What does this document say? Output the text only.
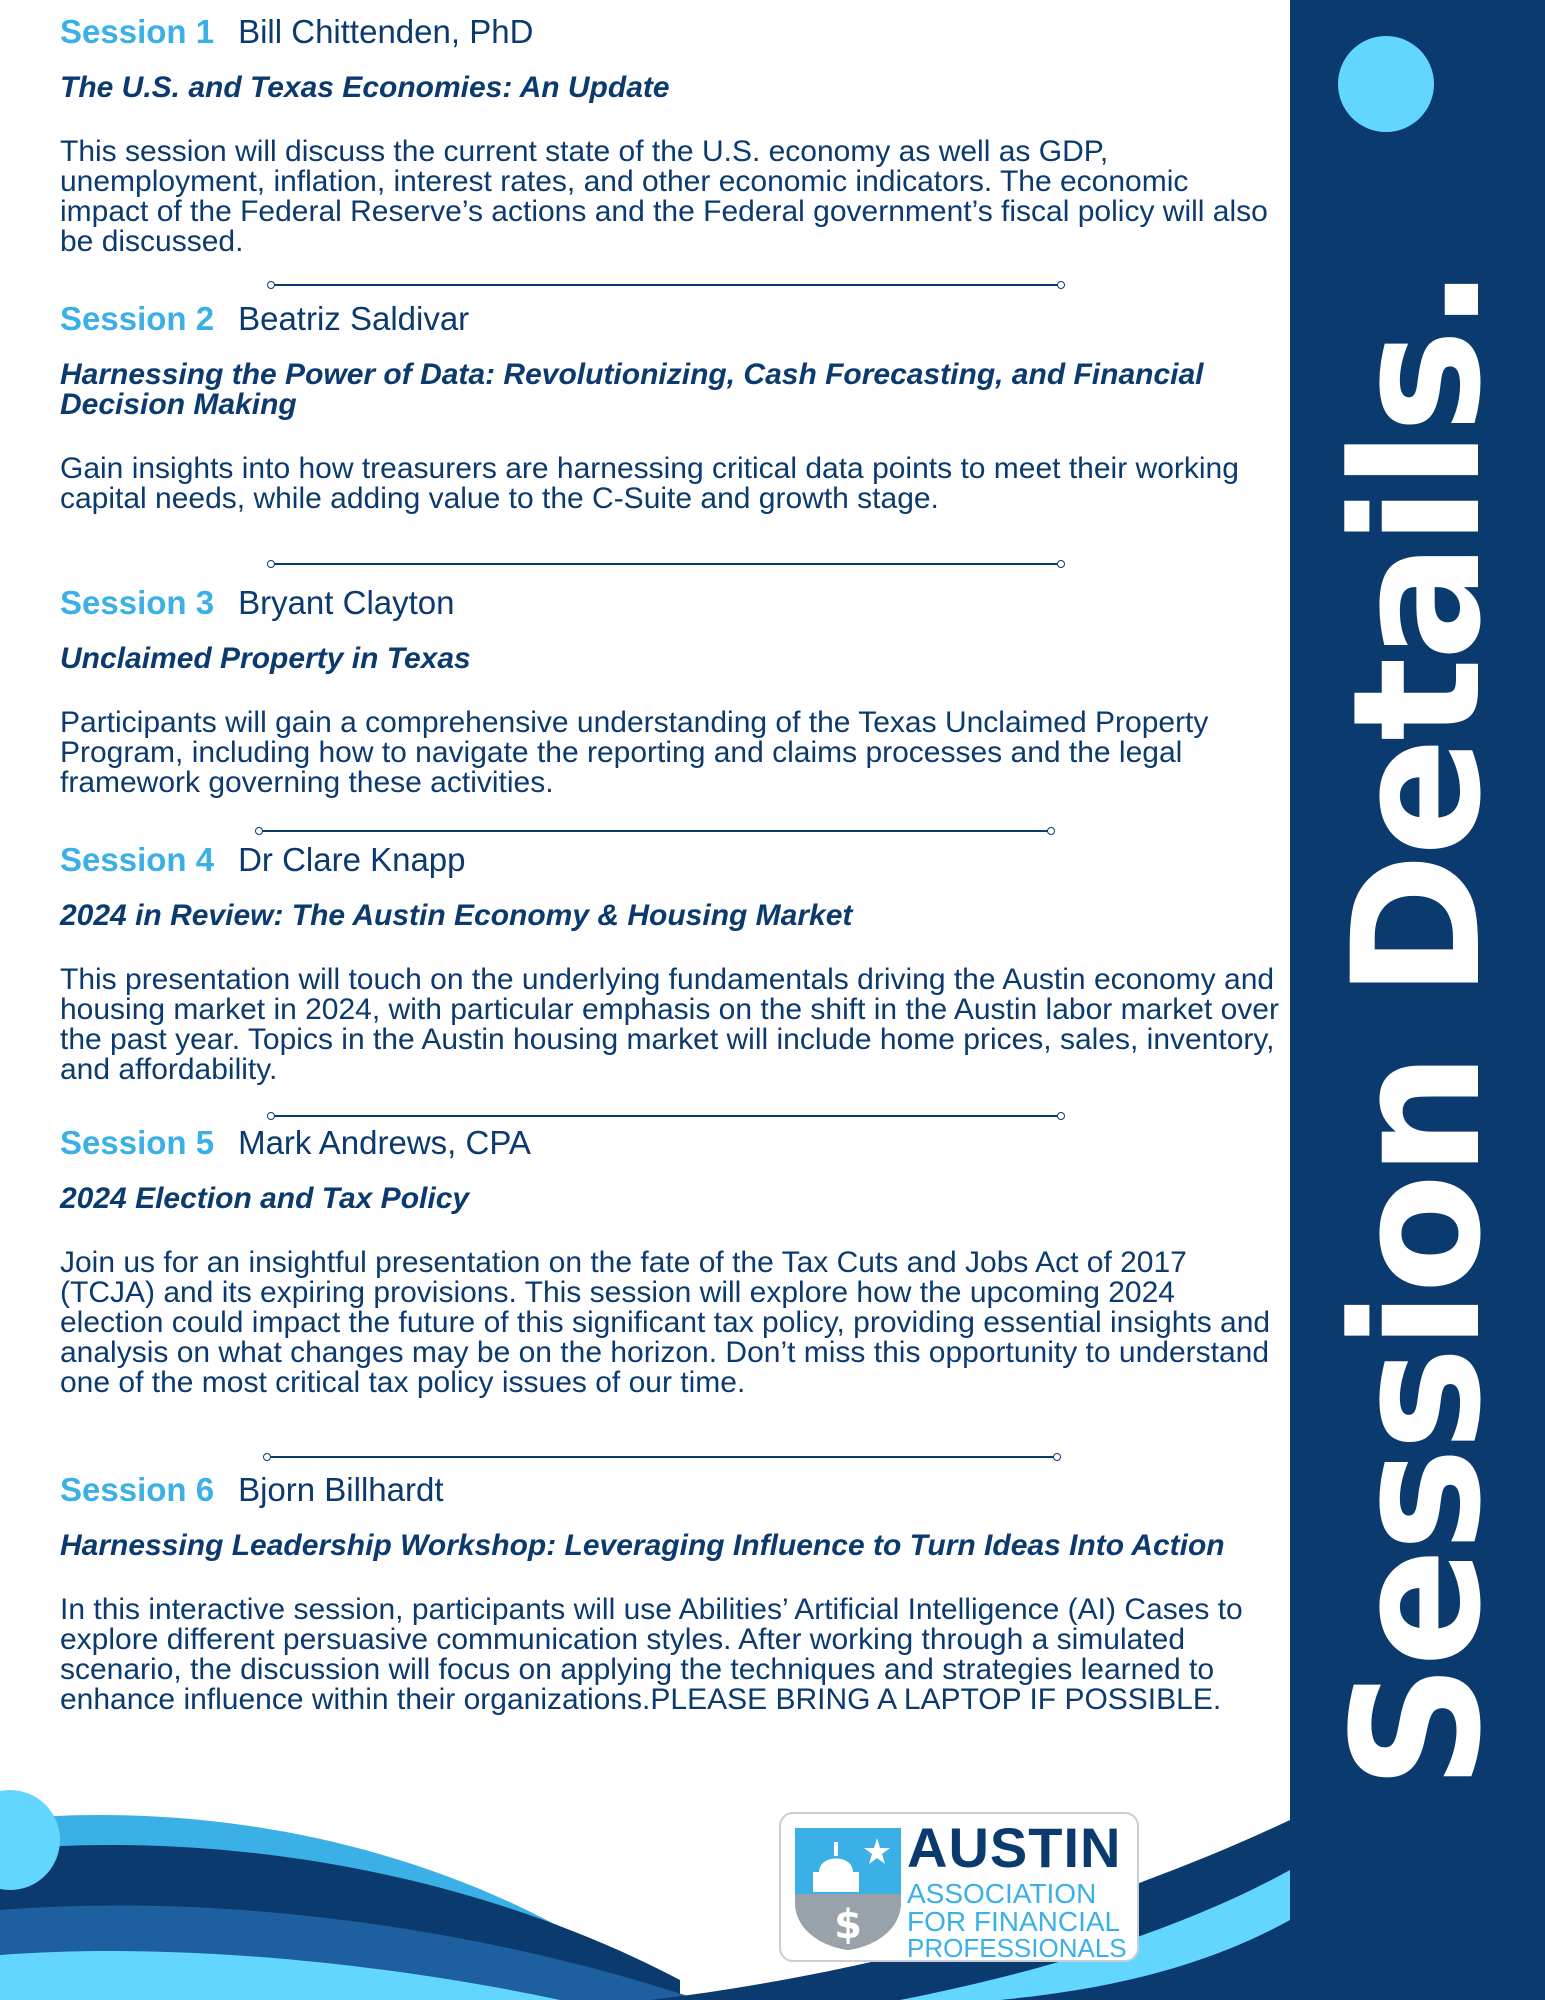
Session Details.
Session 1 Bill Chittenden, PhD
The U.S. and Texas Economies: An Update
This session will discuss the current state of the U.S. economy as well as GDP, unemployment, inflation, interest rates, and other economic indicators. The economic impact of the Federal Reserve’s actions and the Federal government’s fiscal policy will also be discussed.
Session 2 Beatriz Saldivar
Harnessing the Power of Data: Revolutionizing, Cash Forecasting, and Financial Decision Making
Gain insights into how treasurers are harnessing critical data points to meet their working capital needs, while adding value to the C-Suite and growth stage.
Session 3 Bryant Clayton
Unclaimed Property in Texas
Participants will gain a comprehensive understanding of the Texas Unclaimed Property Program, including how to navigate the reporting and claims processes and the legal framework governing these activities.
Session 4 Dr Clare Knapp
2024 in Review: The Austin Economy & Housing Market
This presentation will touch on the underlying fundamentals driving the Austin economy and housing market in 2024, with particular emphasis on the shift in the Austin labor market over the past year. Topics in the Austin housing market will include home prices, sales, inventory, and affordability.
Session 5 Mark Andrews, CPA
2024 Election and Tax Policy
Join us for an insightful presentation on the fate of the Tax Cuts and Jobs Act of 2017 (TCJA) and its expiring provisions. This session will explore how the upcoming 2024 election could impact the future of this significant tax policy, providing essential insights and analysis on what changes may be on the horizon. Don’t miss this opportunity to understand one of the most critical tax policy issues of our time.
Session 6 Bjorn Billhardt
Harnessing Leadership Workshop: Leveraging Influence to Turn Ideas Into Action
In this interactive session, participants will use Abilities’ Artificial Intelligence (AI) Cases to explore different persuasive communication styles. After working through a simulated scenario, the discussion will focus on applying the techniques and strategies learned to enhance influence within their organizations.PLEASE BRING A LAPTOP IF POSSIBLE.
$
AUSTIN
ASSOCIATION
FOR FINANCIAL
PROFESSIONALS
